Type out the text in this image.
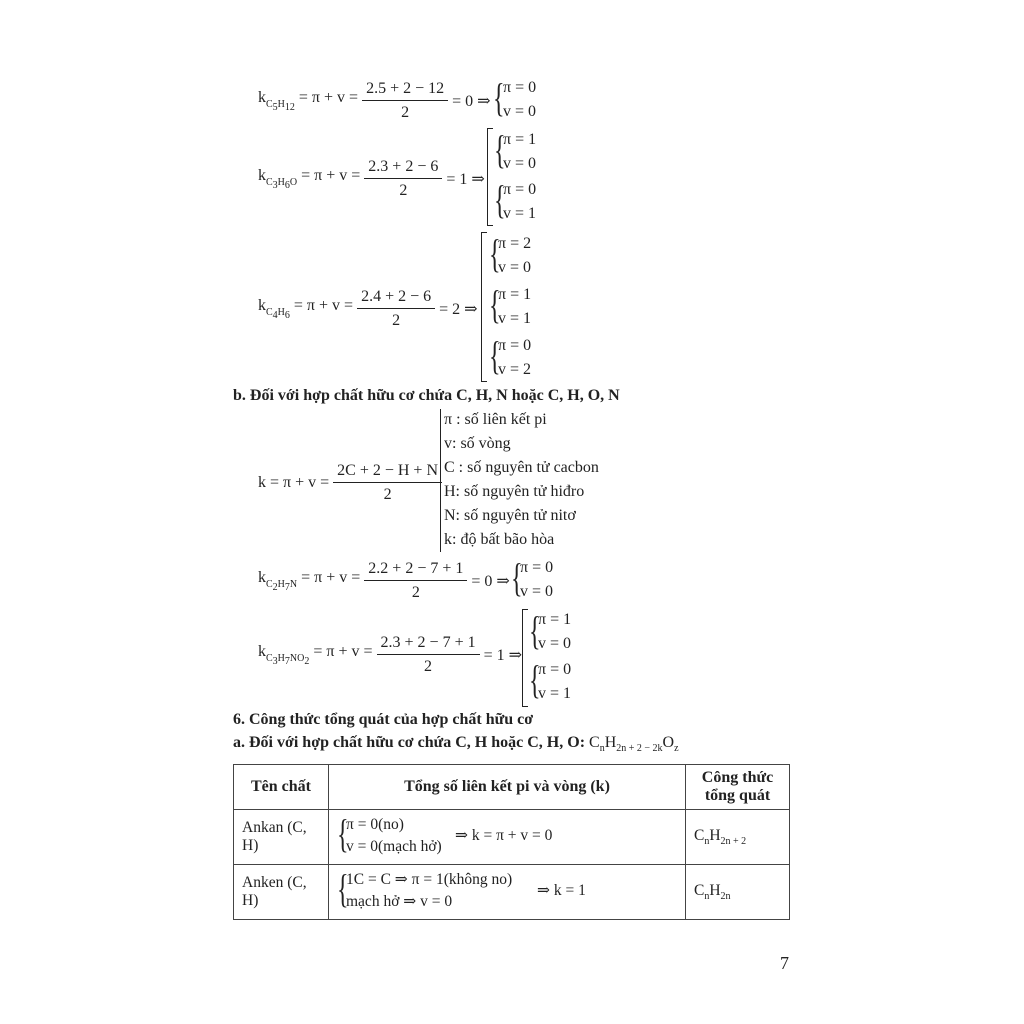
$k_{C_5H_{12}} = \pi + v = \frac{2.5 + 2 - 12}{2} = 0$ ⇒ {
π = 0
v = 0
$k_{C_3H_6O} = \pi + v = \frac{2.3 + 2 - 6}{2} = 1$ ⇒
{
π = 1
v = 0
{
π = 0
v = 1
$k_{C_4H_6} = \pi + v = \frac{2.4 + 2 - 6}{2} = 2$ ⇒
{
π = 2
v = 0
{
π = 1
v = 1
{
π = 0
v = 2
b. Đối với hợp chất hữu cơ chứa C, H, N hoặc C, H, O, N
$k = \pi + v = \frac{2C + 2 - H + N}{2}$
π : số liên kết pi
v: số vòng
C : số nguyên tử cacbon
H: số nguyên tử hiđro
N: số nguyên tử nitơ
k: độ bất bão hòa
$k_{C_2H_7N} = \pi + v = \frac{2.2 + 2 - 7 + 1}{2} = 0$ ⇒ {
π = 0
v = 0
$k_{C_3H_7NO_2} = \pi + v = \frac{2.3 + 2 - 7 + 1}{2} = 1$ ⇒
{
π = 1
v = 0
{
π = 0
v = 1
6. Công thức tổng quát của hợp chất hữu cơ
a. Đối với hợp chất hữu cơ chứa C, H hoặc C, H, O: $C_nH_{2n + 2 - 2k}O_z$
Tên chất	Tổng số liên kết pi và vòng (k)	Công thức tổng quát
Ankan (C, H)	{
π = 0(no)
v = 0(mạch hở)
⇒ k = π + v = 0	$C_nH_{2n + 2}$
Anken (C, H)	{
1C = C ⇒ π = 1(không no)
mạch hở ⇒ v = 0
⇒ k = 1	$C_nH_{2n}$
7
